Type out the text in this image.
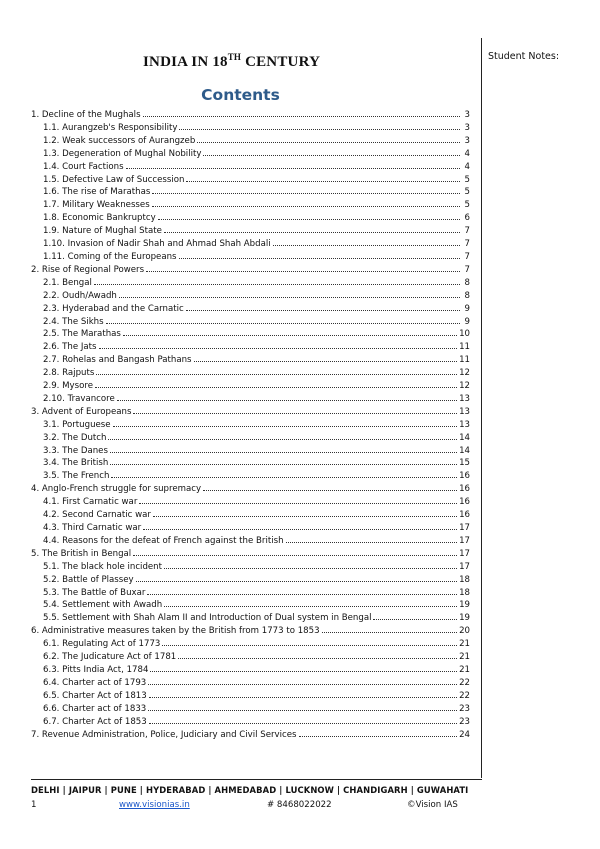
Student Notes:
INDIA IN 18TH CENTURY
Contents
1. Decline of the Mughals	3
1.1. Aurangzeb's Responsibility	3
1.2. Weak successors of Aurangzeb	3
1.3. Degeneration of Mughal Nobility	4
1.4. Court Factions	4
1.5. Defective Law of Succession	5
1.6. The rise of Marathas	5
1.7. Military Weaknesses	5
1.8. Economic Bankruptcy	6
1.9. Nature of Mughal State	7
1.10. Invasion of Nadir Shah and Ahmad Shah Abdali	7
1.11. Coming of the Europeans	7
2. Rise of Regional Powers	7
2.1. Bengal	8
2.2. Oudh/Awadh	8
2.3. Hyderabad and the Carnatic	9
2.4. The Sikhs	9
2.5. The Marathas	10
2.6. The Jats	11
2.7. Rohelas and Bangash Pathans	11
2.8. Rajputs	12
2.9. Mysore	12
2.10. Travancore	13
3. Advent of Europeans	13
3.1. Portuguese	13
3.2. The Dutch	14
3.3. The Danes	14
3.4. The British	15
3.5. The French	16
4. Anglo-French struggle for supremacy	16
4.1. First Carnatic war	16
4.2. Second Carnatic war	16
4.3. Third Carnatic war	17
4.4. Reasons for the defeat of French against the British	17
5. The British in Bengal	17
5.1. The black hole incident	17
5.2. Battle of Plassey	18
5.3. The Battle of Buxar	18
5.4. Settlement with Awadh	19
5.5. Settlement with Shah Alam II and Introduction of Dual system in Bengal	19
6. Administrative measures taken by the British from 1773 to 1853	20
6.1. Regulating Act of 1773	21
6.2. The Judicature Act of 1781	21
6.3. Pitts India Act, 1784	21
6.4. Charter act of 1793	22
6.5. Charter Act of 1813	22
6.6. Charter act of 1833	23
6.7. Charter Act of 1853	23
7. Revenue Administration, Police, Judiciary and Civil Services	24
DELHI | JAIPUR | PUNE | HYDERABAD | AHMEDABAD | LUCKNOW | CHANDIGARH | GUWAHATI
1	www.visionias.in	# 8468022022	©Vision IAS
